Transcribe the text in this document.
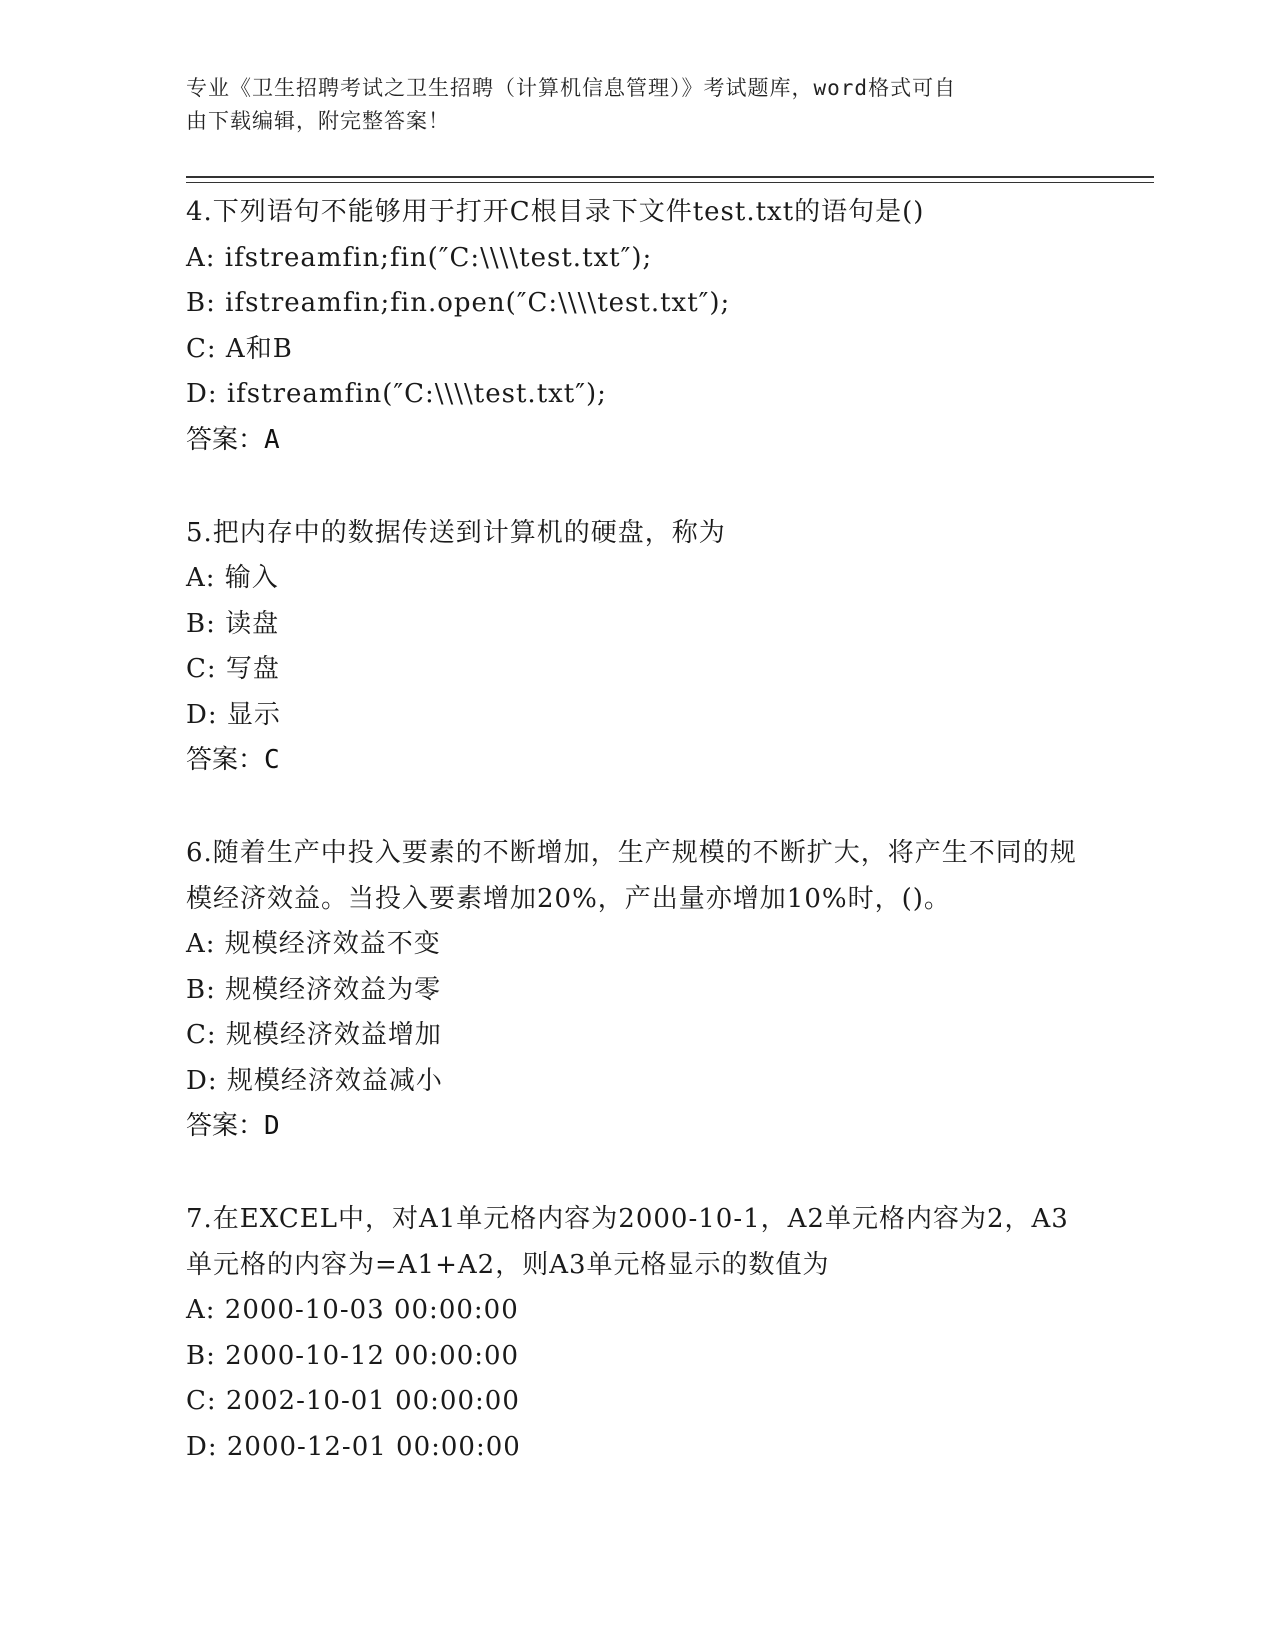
专业《卫生招聘考试之卫生招聘（计算机信息管理）》考试题库，word格式可自
由下载编辑，附完整答案！
4.下列语句不能够用于打开C根目录下文件test.txt的语句是()
A: ifstreamfin;fin(″C:\\\\test.txt″);
B: ifstreamfin;fin.open(″C:\\\\test.txt″);
C: A和B
D: ifstreamfin(″C:\\\\test.txt″);
答案：A
5.把内存中的数据传送到计算机的硬盘，称为
A: 输入
B: 读盘
C: 写盘
D: 显示
答案：C
6.随着生产中投入要素的不断增加，生产规模的不断扩大，将产生不同的规模经济效益。当投入要素增加20%，产出量亦增加10%时，()。
A: 规模经济效益不变
B: 规模经济效益为零
C: 规模经济效益增加
D: 规模经济效益减小
答案：D
7.在EXCEL中，对A1单元格内容为2000-10-1，A2单元格内容为2，A3单元格的内容为=A1+A2，则A3单元格显示的数值为
A: 2000-10-03 00:00:00
B: 2000-10-12 00:00:00
C: 2002-10-01 00:00:00
D: 2000-12-01 00:00:00
